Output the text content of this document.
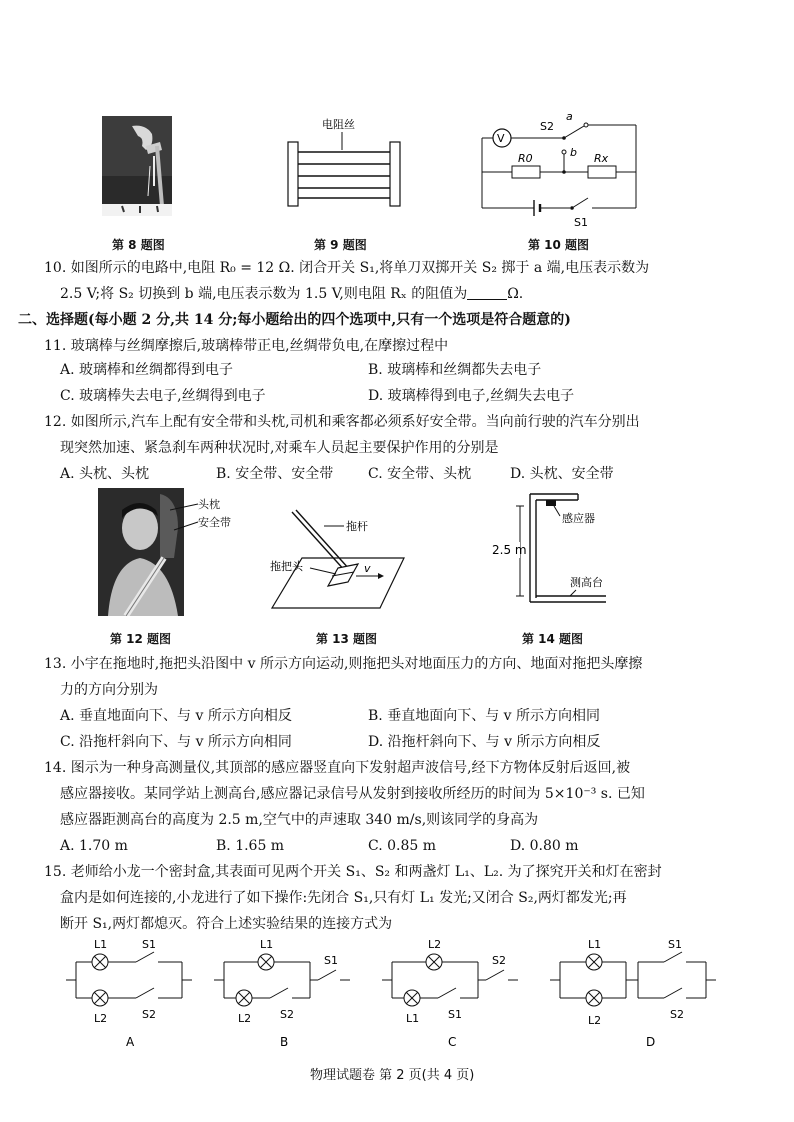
第 8 题图
电阻丝
第 9 题图
V
S2
a
b
R0	Rx
S1
第 10 题图
10. 如图所示的电路中,电阻 R₀ = 12 Ω. 闭合开关 S₁,将单刀双掷开关 S₂ 掷于 a 端,电压表示数为
2.5 V;将 S₂ 切换到 b 端,电压表示数为 1.5 V,则电阻 Rₓ 的阻值为	Ω.
二、选择题(每小题 2 分,共 14 分;每小题给出的四个选项中,只有一个选项是符合题意的)
11. 玻璃棒与丝绸摩擦后,玻璃棒带正电,丝绸带负电,在摩擦过程中
A. 玻璃棒和丝绸都得到电子	B. 玻璃棒和丝绸都失去电子
C. 玻璃棒失去电子,丝绸得到电子	D. 玻璃棒得到电子,丝绸失去电子
12. 如图所示,汽车上配有安全带和头枕,司机和乘客都必须系好安全带。当向前行驶的汽车分别出
现突然加速、紧急刹车两种状况时,对乘车人员起主要保护作用的分别是
A. 头枕、头枕	B. 安全带、安全带 C. 安全带、头枕	D. 头枕、安全带
头枕
安全带
第 12 题图
v
拖杆
拖把头
第 13 题图
感应器
测高台
2.5 m
第 14 题图
13. 小宇在拖地时,拖把头沿图中 v 所示方向运动,则拖把头对地面压力的方向、地面对拖把头摩擦
力的方向分别为
A. 垂直地面向下、与 v 所示方向相反	B. 垂直地面向下、与 v 所示方向相同
C. 沿拖杆斜向下、与 v 所示方向相同	D. 沿拖杆斜向下、与 v 所示方向相反
14. 图示为一种身高测量仪,其顶部的感应器竖直向下发射超声波信号,经下方物体反射后返回,被
感应器接收。某同学站上测高台,感应器记录信号从发射到接收所经历的时间为 5×10⁻³ s. 已知
感应器距测高台的高度为 2.5 m,空气中的声速取 340 m/s,则该同学的身高为
A. 1.70 m	B. 1.65 m	C. 0.85 m	D. 0.80 m
15. 老师给小龙一个密封盒,其表面可见两个开关 S₁、S₂ 和两盏灯 L₁、L₂. 为了探究开关和灯在密封
盒内是如何连接的,小龙进行了如下操作:先闭合 S₁,只有灯 L₁ 发光;又闭合 S₂,两灯都发光;再
断开 S₁,两灯都熄灭。符合上述实验结果的连接方式为
L1	S1
L2	S2
A
L1
L2	S2
S1
B
L2
L1	S1
S2
C
L1
L2
S1
S2
D
物理试题卷 第 2 页(共 4 页)
